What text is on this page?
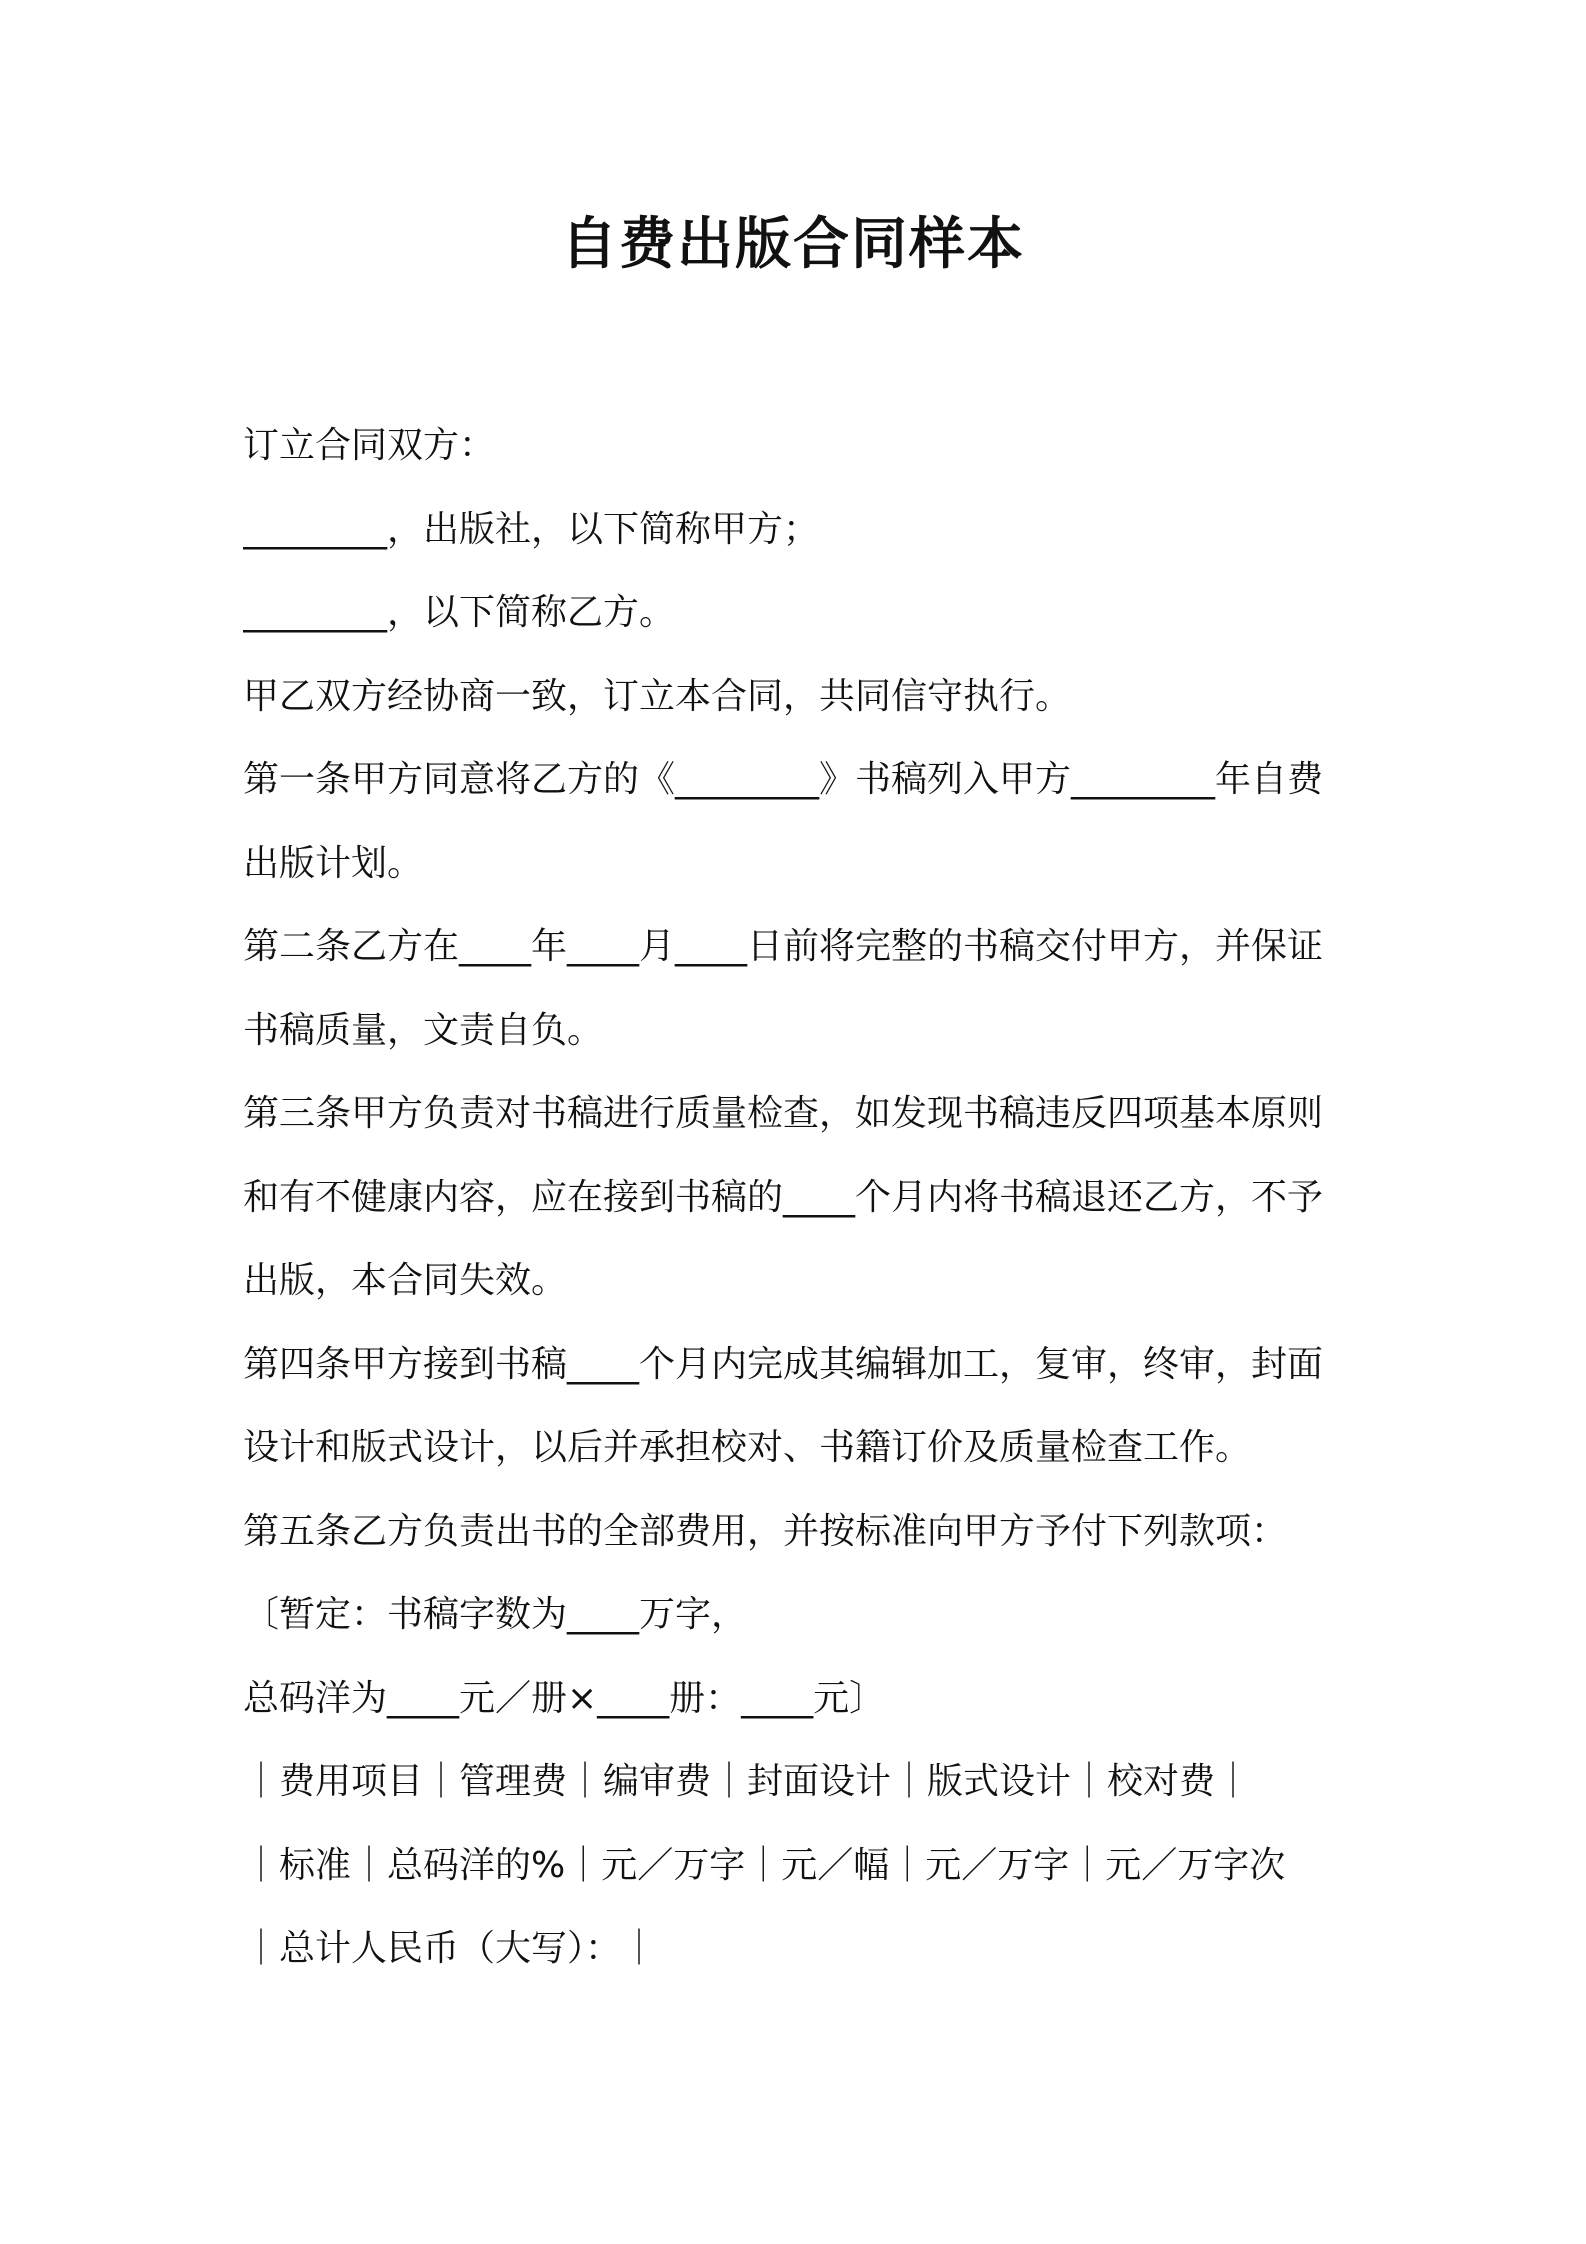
自费出版合同样本
订立合同双方：
________，出版社，以下简称甲方；
________，以下简称乙方。
甲乙双方经协商一致，订立本合同，共同信守执行。
第一条甲方同意将乙方的《________》书稿列入甲方________年自费
出版计划。
第二条乙方在____年____月____日前将完整的书稿交付甲方，并保证
书稿质量，文责自负。
第三条甲方负责对书稿进行质量检查，如发现书稿违反四项基本原则
和有不健康内容，应在接到书稿的____个月内将书稿退还乙方，不予
出版，本合同失效。
第四条甲方接到书稿____个月内完成其编辑加工，复审，终审，封面
设计和版式设计，以后并承担校对、书籍订价及质量检查工作。
第五条乙方负责出书的全部费用，并按标准向甲方予付下列款项：
〔暂定：书稿字数为____万字，
总码洋为____元／册×____册：____元〕
｜费用项目｜管理费｜编审费｜封面设计｜版式设计｜校对费｜
｜标准｜总码洋的%｜元／万字｜元／幅｜元／万字｜元／万字次
｜总计人民币（大写）：｜
